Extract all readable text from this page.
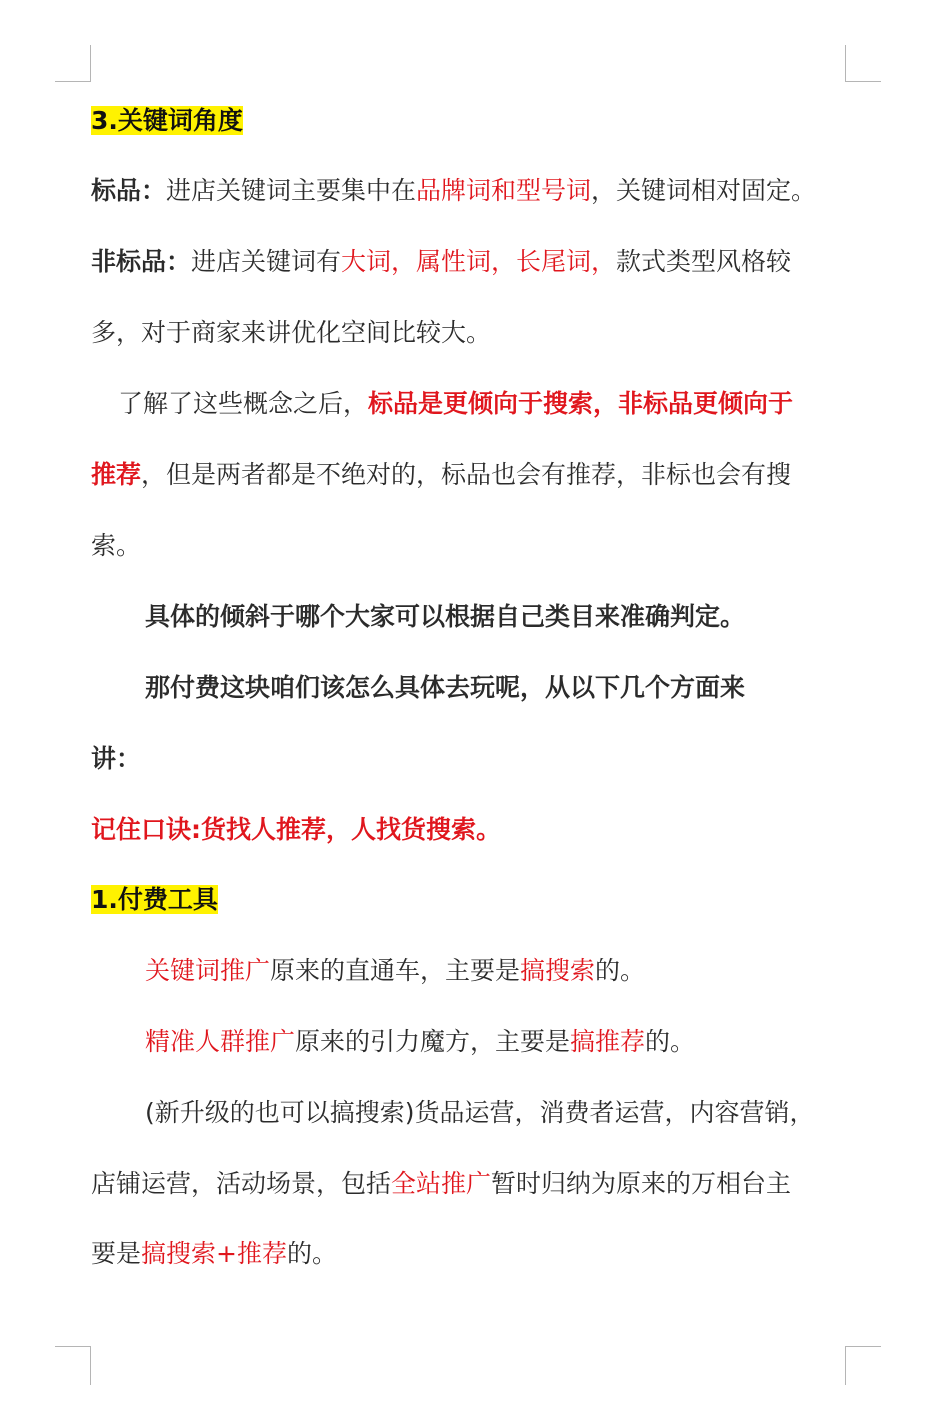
3.关键词角度
标品：进店关键词主要集中在品牌词和型号词，关键词相对固定。
非标品：进店关键词有大词，属性词，长尾词，款式类型风格较
多，对于商家来讲优化空间比较大。
了解了这些概念之后，标品是更倾向于搜索，非标品更倾向于
推荐，但是两者都是不绝对的，标品也会有推荐，非标也会有搜
索。
具体的倾斜于哪个大家可以根据自己类目来准确判定。
那付费这块咱们该怎么具体去玩呢，从以下几个方面来
讲：
记住口诀:货找人推荐，人找货搜索。
1.付费工具
关键词推广原来的直通车，主要是搞搜索的。
精准人群推广原来的引力魔方，主要是搞推荐的。
(新升级的也可以搞搜索)货品运营，消费者运营，内容营销，
店铺运营，活动场景，包括全站推广暂时归纳为原来的万相台主
要是搞搜索+推荐的。
